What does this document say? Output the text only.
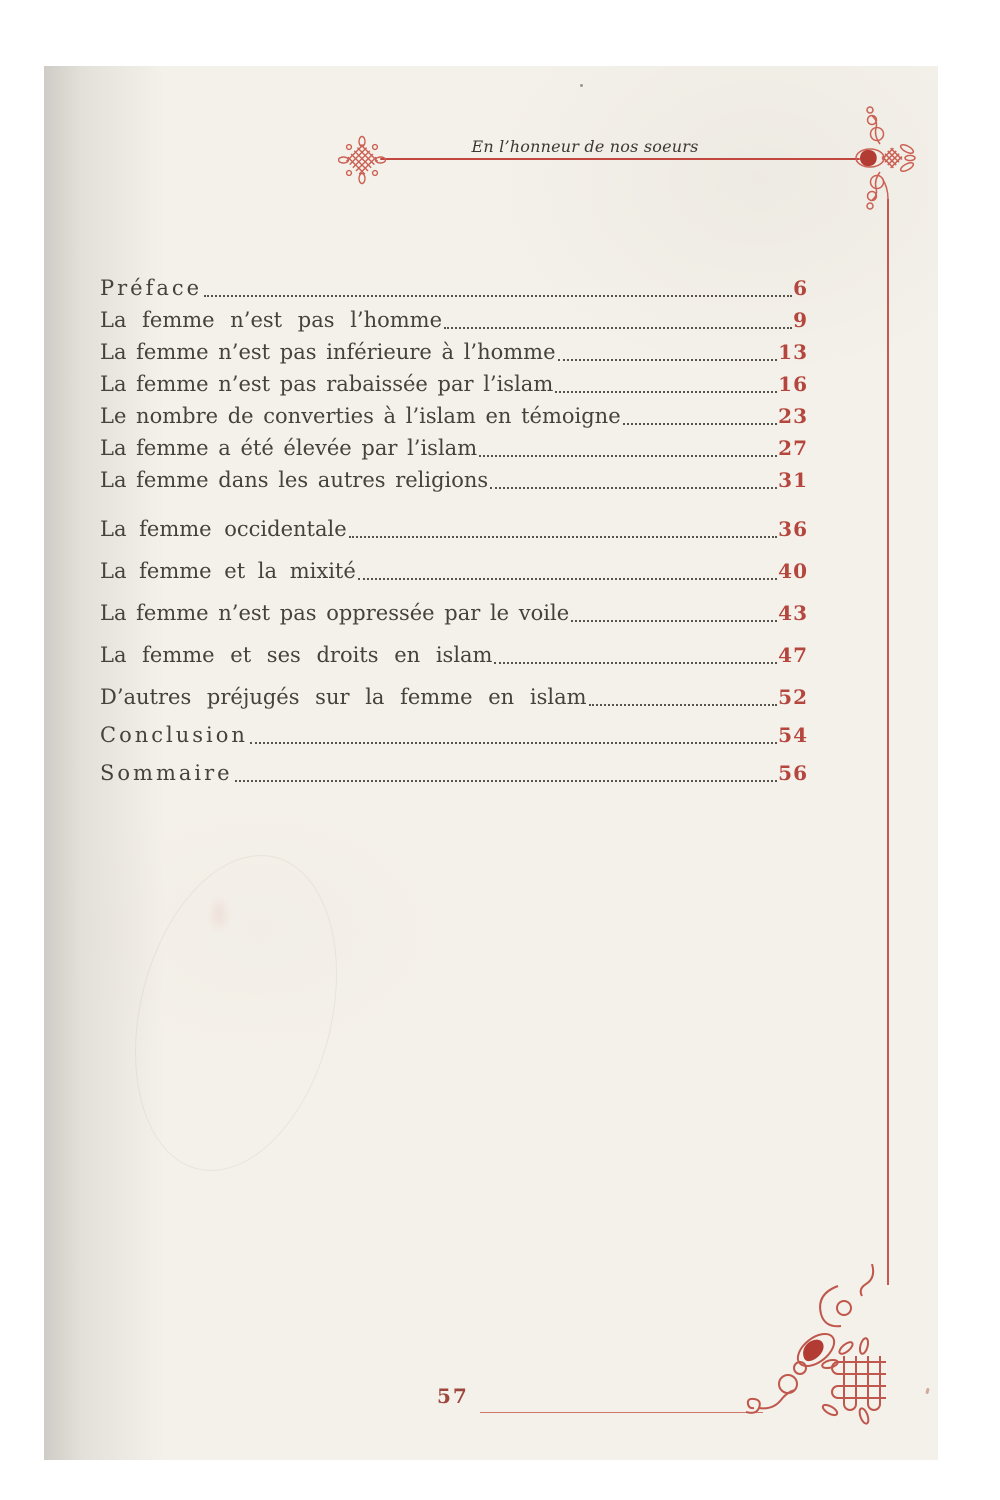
En l’honneur de nos soeurs
Préface	6
La femme n’est pas l’homme	9
La femme n’est pas inférieure à l’homme	13
La femme n’est pas rabaissée par l’islam	16
Le nombre de converties à l’islam en témoigne	23
La femme a été élevée par l’islam	27
La femme dans les autres religions	31
La femme occidentale	36
La femme et la mixité	40
La femme n’est pas oppressée par le voile	43
La femme et ses droits en islam	47
D’autres préjugés sur la femme en islam	52
Conclusion	54
Sommaire	56
57
